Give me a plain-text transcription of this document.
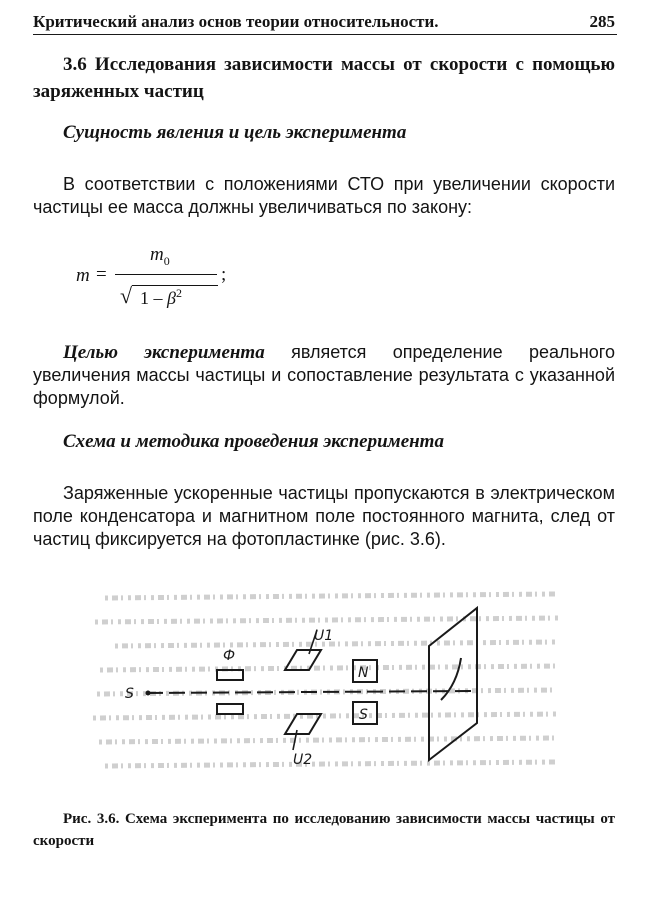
Критический анализ основ теории относительности.	285
3.6 Исследования зависимости массы от скорости с помощью заряженных частиц
Сущность явления и цель эксперимента

В соответствии с положениями СТО при увеличении скорости частицы ее масса должны увеличиваться по закону:

m =
$m_0$
;
√ $1 - \beta^2$

Целью эксперимента является определение реального увеличения массы частицы и сопоставление результата с указанной формулой.

Схема и методика проведения эксперимента

Заряженные ускоренные частицы пропускаются в электрическом поле конденсатора и магнитном поле постоянного магнита, след от частиц фиксируется на фотопластинке (рис. 3.6).

S
Ф
U1
U2
N
S

Рис. 3.6. Схема эксперимента по исследованию зависимости массы частицы от скорости
